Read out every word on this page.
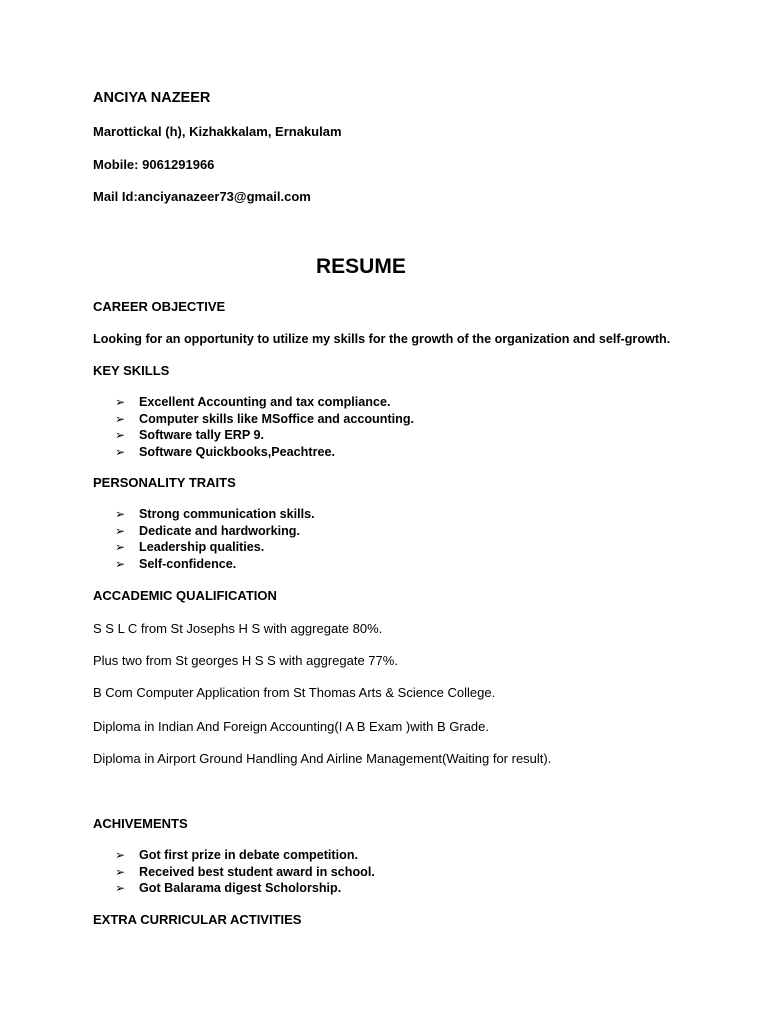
ANCIYA NAZEER
Marottickal (h), Kizhakkalam, Ernakulam
Mobile: 9061291966
Mail Id:anciyanazeer73@gmail.com
RESUME
CAREER OBJECTIVE
Looking for an opportunity to utilize my skills for the growth of the organization and self-growth.
KEY SKILLS
➢ Excellent Accounting and tax compliance.
➢ Computer skills like MSoffice and accounting.
➢ Software tally ERP 9.
➢ Software Quickbooks,Peachtree.
PERSONALITY TRAITS
➢ Strong communication skills.
➢ Dedicate and hardworking.
➢ Leadership qualities.
➢ Self-confidence.
ACCADEMIC QUALIFICATION
S S L C from St Josephs H S with aggregate 80%.
Plus two from St georges H S S with aggregate 77%.
B Com Computer Application from St Thomas Arts & Science College.
Diploma in Indian And Foreign Accounting(I A B Exam )with B Grade.
Diploma in Airport Ground Handling And Airline Management(Waiting for result).
ACHIVEMENTS
➢ Got first prize in debate competition.
➢ Received best student award in school.
➢ Got Balarama digest Scholorship.
EXTRA CURRICULAR ACTIVITIES
